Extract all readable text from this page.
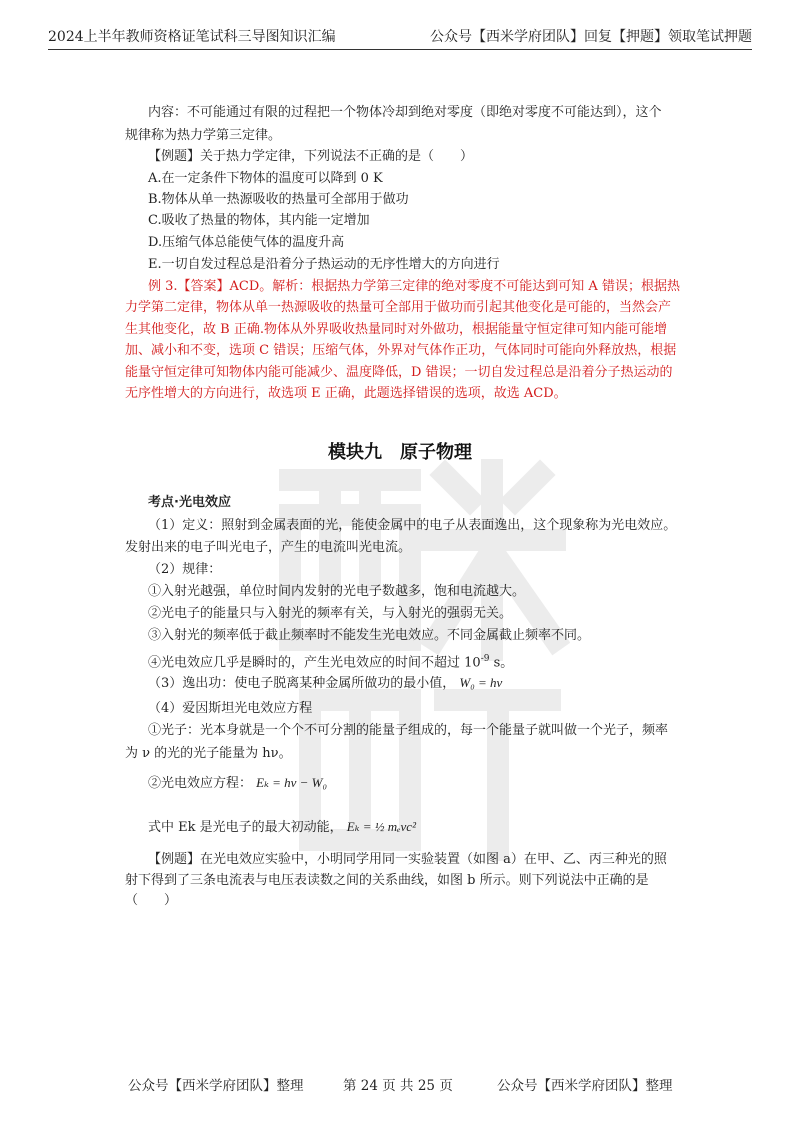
2024上半年教师资格证笔试科三导图知识汇编	公众号【西米学府团队】回复【押题】领取笔试押题
内容：不可能通过有限的过程把一个物体冷却到绝对零度（即绝对零度不可能达到），这个
规律称为热力学第三定律。
【例题】关于热力学定律，下列说法不正确的是（　　）
A.在一定条件下物体的温度可以降到 0 K
B.物体从单一热源吸收的热量可全部用于做功
C.吸收了热量的物体，其内能一定增加
D.压缩气体总能使气体的温度升高
E.一切自发过程总是沿着分子热运动的无序性增大的方向进行
例 3.【答案】ACD。解析：根据热力学第三定律的绝对零度不可能达到可知 A 错误；根据热
力学第二定律，物体从单一热源吸收的热量可全部用于做功而引起其他变化是可能的，当然会产
生其他变化，故 B 正确.物体从外界吸收热量同时对外做功，根据能量守恒定律可知内能可能增
加、减小和不变，选项 C 错误；压缩气体，外界对气体作正功，气体同时可能向外释放热，根据
能量守恒定律可知物体内能可能减少、温度降低，D 错误；一切自发过程总是沿着分子热运动的
无序性增大的方向进行，故选项 E 正确，此题选择错误的选项，故选 ACD。
模块九　原子物理
考点·光电效应
（1）定义：照射到金属表面的光，能使金属中的电子从表面逸出，这个现象称为光电效应。
发射出来的电子叫光电子，产生的电流叫光电流。
（2）规律：
①入射光越强，单位时间内发射的光电子数越多，饱和电流越大。
②光电子的能量只与入射光的频率有关，与入射光的强弱无关。
③入射光的频率低于截止频率时不能发生光电效应。不同金属截止频率不同。
④光电效应几乎是瞬时的，产生光电效应的时间不超过 $10^{-9}$ s。
（3）逸出功：使电子脱离某种金属所做功的最小值， W₀ = hν
（4）爱因斯坦光电效应方程
①光子：光本身就是一个个不可分割的能量子组成的，每一个能量子就叫做一个光子，频率
为 ν 的光的光子能量为 hν。
②光电效应方程： Eₖ = hν − W₀
式中 Ek 是光电子的最大初动能， Eₖ = ½ mₑvc²
【例题】在光电效应实验中，小明同学用同一实验装置（如图 a）在甲、乙、丙三种光的照
射下得到了三条电流表与电压表读数之间的关系曲线，如图 b 所示。则下列说法中正确的是
（　　）
公众号【西米学府团队】整理	第 24 页 共 25 页	公众号【西米学府团队】整理
